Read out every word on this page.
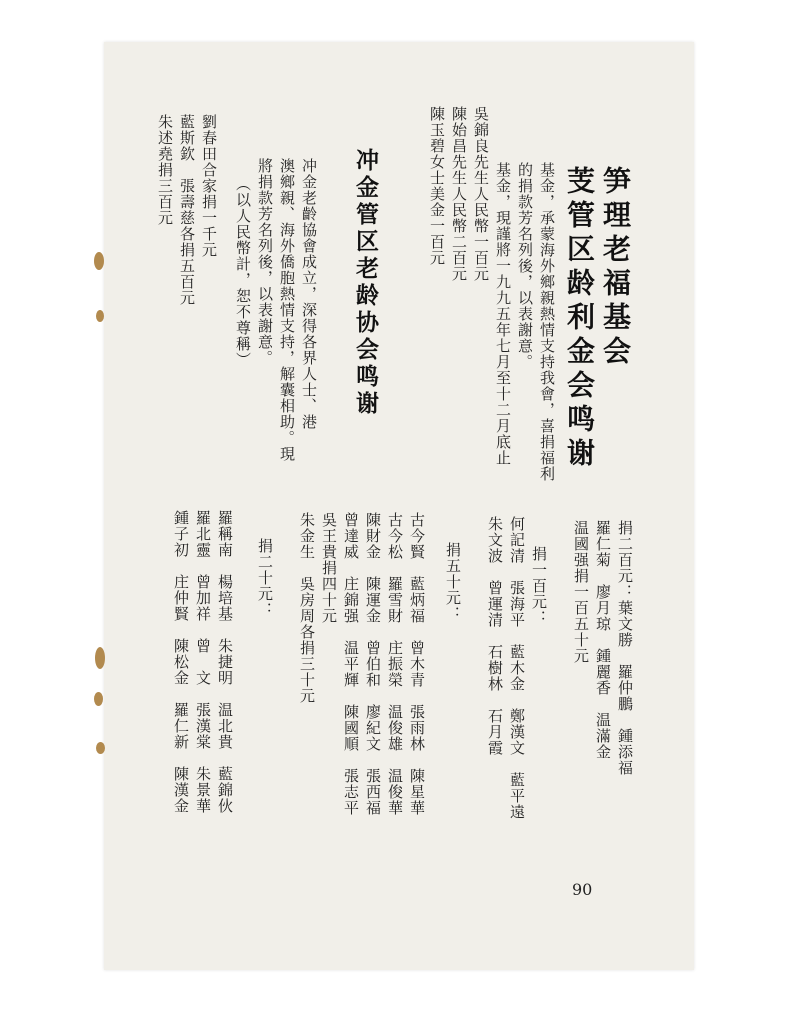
笋理老福基会
芰管区龄利金会鸣谢
基金，承蒙海外鄉親熱情支持我會，喜捐福利
的捐款芳名列後，以表謝意。
基金，現謹將一九九五年七月至十二月底止
吳錦良先生人民幣一百元
陳始昌先生人民幣二百元
陳玉碧女士美金一百元
冲金管区老龄协会鸣谢
冲金老齡協會成立，深得各界人士、港
澳鄉親、海外僑胞熱情支持，解囊相助。現
將捐款芳名列後，以表謝意。
（以人民幣計，恕不尊稱）
劉春田合家捐一千元
藍斯欽　張壽慈各捐五百元
朱述堯捐三百元
捐二百元：葉文勝　羅仲鵬　鍾添福
羅仁菊　廖月琼　鍾麗香　温滿金
温國强捐一百五十元
捐一百元：
何記清　張海平　藍木金　鄭漢文　藍平遠
朱文波　曾運清　石樹林　石月霞
捐五十元：
古今賢　藍炳福　曾木青　張雨林　陳星華
古今松　羅雪財　庄振榮　温俊雄　温俊華
陳財金　陳運金　曾伯和　廖紀文　張西福
曾達威　庄錦强　温平輝　陳國順　張志平
吳王貴捐四十元
朱金生　吳房周各捐三十元
捐二十元：
羅稱南　楊培基　朱捷明　温北貴　藍錦伙
羅北靈　曾加祥　曾　文　張漢棠　朱景華
鍾子初　庄仲賢　陳松金　羅仁新　陳漢金
90
